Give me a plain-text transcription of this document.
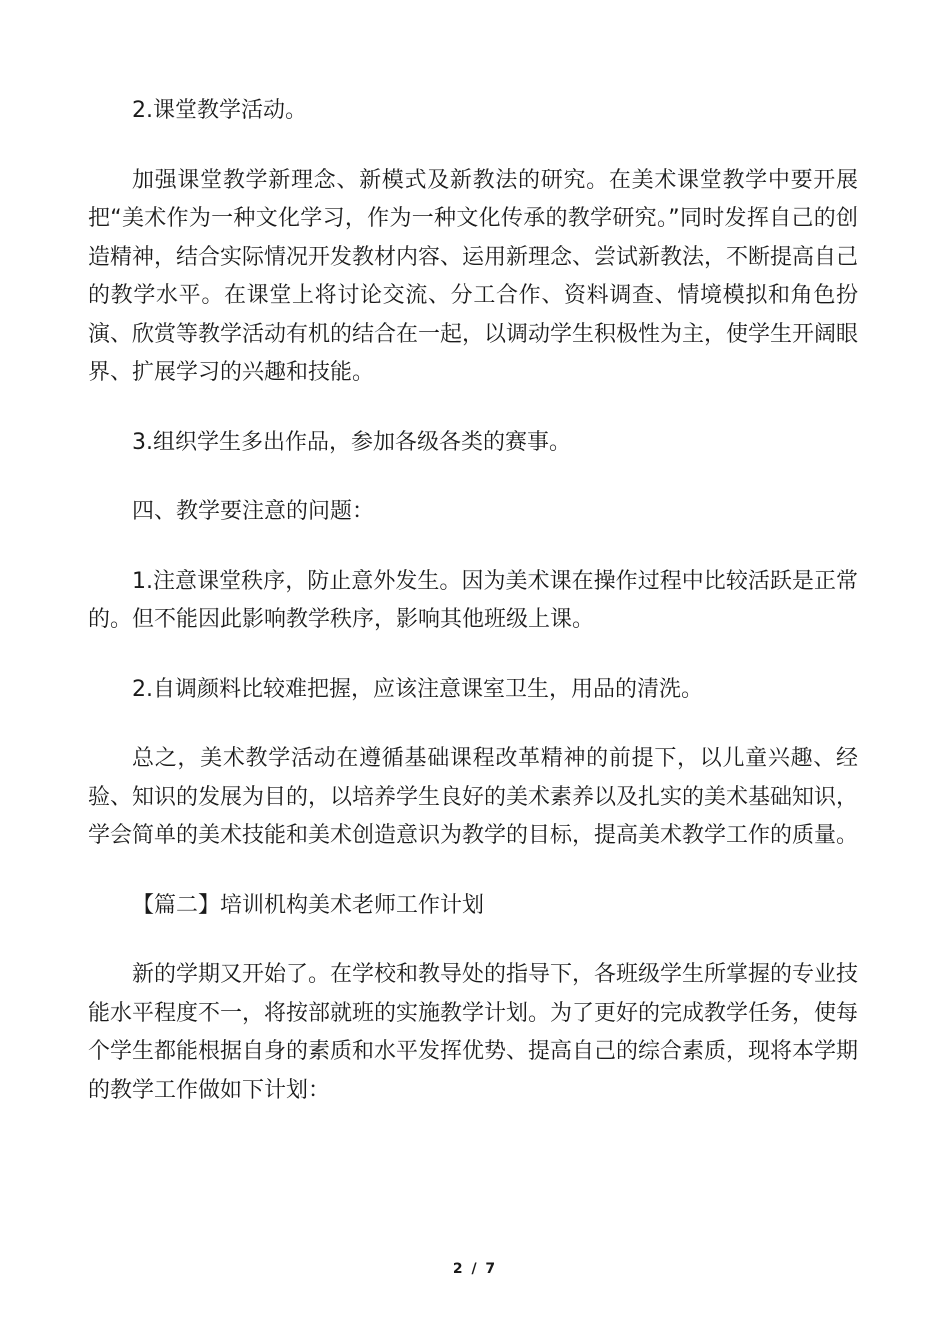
2.课堂教学活动。

加强课堂教学新理念、新模式及新教法的研究。在美术课堂教学中要开展把“美术作为一种文化学习，作为一种文化传承的教学研究。”同时发挥自己的创造精神，结合实际情况开发教材内容、运用新理念、尝试新教法，不断提高自己的教学水平。在课堂上将讨论交流、分工合作、资料调查、情境模拟和角色扮演、欣赏等教学活动有机的结合在一起，以调动学生积极性为主，使学生开阔眼界、扩展学习的兴趣和技能。

3.组织学生多出作品，参加各级各类的赛事。

四、教学要注意的问题：

1.注意课堂秩序，防止意外发生。因为美术课在操作过程中比较活跃是正常的。但不能因此影响教学秩序，影响其他班级上课。

2.自调颜料比较难把握，应该注意课室卫生，用品的清洗。

总之，美术教学活动在遵循基础课程改革精神的前提下，以儿童兴趣、经验、知识的发展为目的，以培养学生良好的美术素养以及扎实的美术基础知识，学会简单的美术技能和美术创造意识为教学的目标，提高美术教学工作的质量。

【篇二】培训机构美术老师工作计划

新的学期又开始了。在学校和教导处的指导下，各班级学生所掌握的专业技能水平程度不一，将按部就班的实施教学计划。为了更好的完成教学任务，使每个学生都能根据自身的素质和水平发挥优势、提高自己的综合素质，现将本学期的教学工作做如下计划：

2 / 7
